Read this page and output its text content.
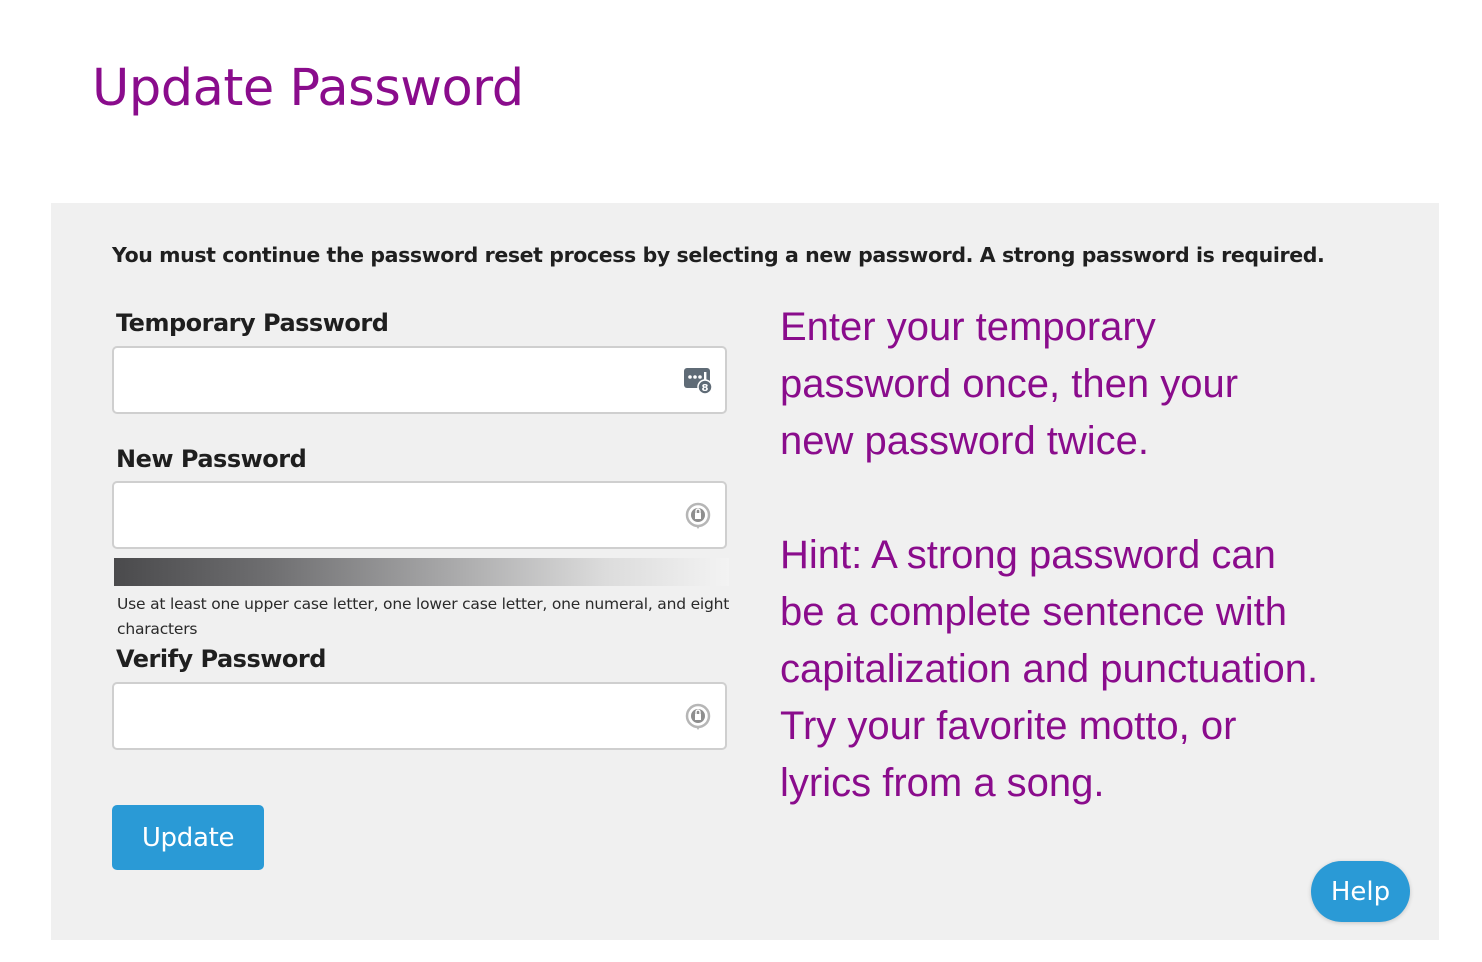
Update Password
You must continue the password reset process by selecting a new password. A strong password is required.
Temporary Password
8
New Password
Use at least one upper case letter, one lower case letter, one numeral, and eight characters
Verify Password
Update
Enter your temporary password once, then your new password twice.
Hint: A strong password can be a complete sentence with capitalization and punctuation. Try your favorite motto, or lyrics from a song.
Help
